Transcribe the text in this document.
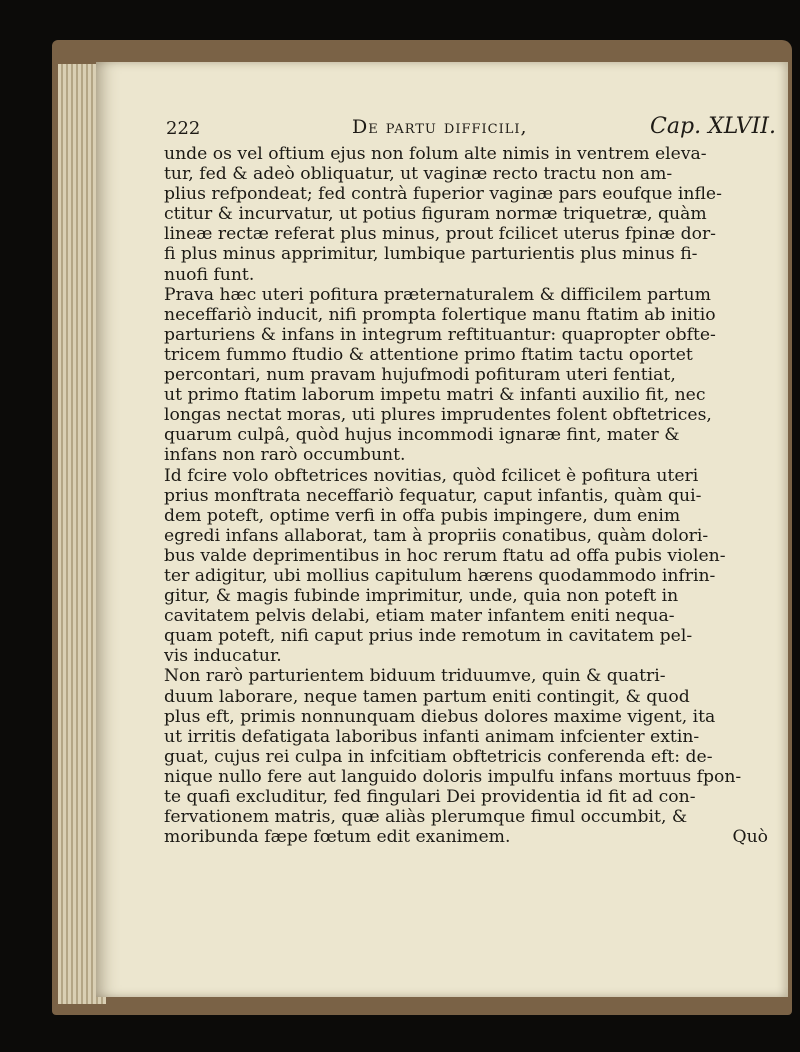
222	De partu difficili,	Cap. XLVII.
unde os vel oftium ejus non folum alte nimis in ventrem eleva-
tur, fed & adeò obliquatur, ut vaginæ recto tractu non am-
plius refpondeat; fed contrà fuperior vaginæ pars eoufque infle-
ctitur & incurvatur, ut potius figuram normæ triquetræ, quàm
lineæ rectæ referat plus minus, prout fcilicet uterus fpinæ dor-
fi plus minus apprimitur, lumbique parturientis plus minus fi-
nuofi funt.
Prava hæc uteri pofitura præternaturalem & difficilem partum
neceffariò inducit, nifi prompta folertique manu ftatim ab initio
parturiens & infans in integrum reftituantur: quapropter obfte-
tricem fummo ftudio & attentione primo ftatim tactu oportet
percontari, num pravam hujufmodi pofituram uteri fentiat,
ut primo ftatim laborum impetu matri & infanti auxilio fit, nec
longas nectat moras, uti plures imprudentes folent obftetrices,
quarum culpâ, quòd hujus incommodi ignaræ fint, mater &
infans non rarò occumbunt.
Id fcire volo obftetrices novitias, quòd fcilicet è pofitura uteri
prius monftrata neceffariò fequatur, caput infantis, quàm qui-
dem poteft, optime verfi in offa pubis impingere, dum enim
egredi infans allaborat, tam à propriis conatibus, quàm dolori-
bus valde deprimentibus in hoc rerum ftatu ad offa pubis violen-
ter adigitur, ubi mollius capitulum hærens quodammodo infrin-
gitur, & magis fubinde imprimitur, unde, quia non poteft in
cavitatem pelvis delabi, etiam mater infantem eniti nequa-
quam poteft, nifi caput prius inde remotum in cavitatem pel-
vis inducatur.
Non rarò parturientem biduum triduumve, quin & quatri-
duum laborare, neque tamen partum eniti contingit, & quod
plus eft, primis nonnunquam diebus dolores maxime vigent, ita
ut irritis defatigata laboribus infanti animam infcienter extin-
guat, cujus rei culpa in infcitiam obftetricis conferenda eft: de-
nique nullo fere aut languido doloris impulfu infans mortuus fpon-
te quafi excluditur, fed fingulari Dei providentia id fit ad con-
fervationem matris, quæ aliàs plerumque fimul occumbit, &
moribunda fæpe fœtum edit exanimem.	Quò
